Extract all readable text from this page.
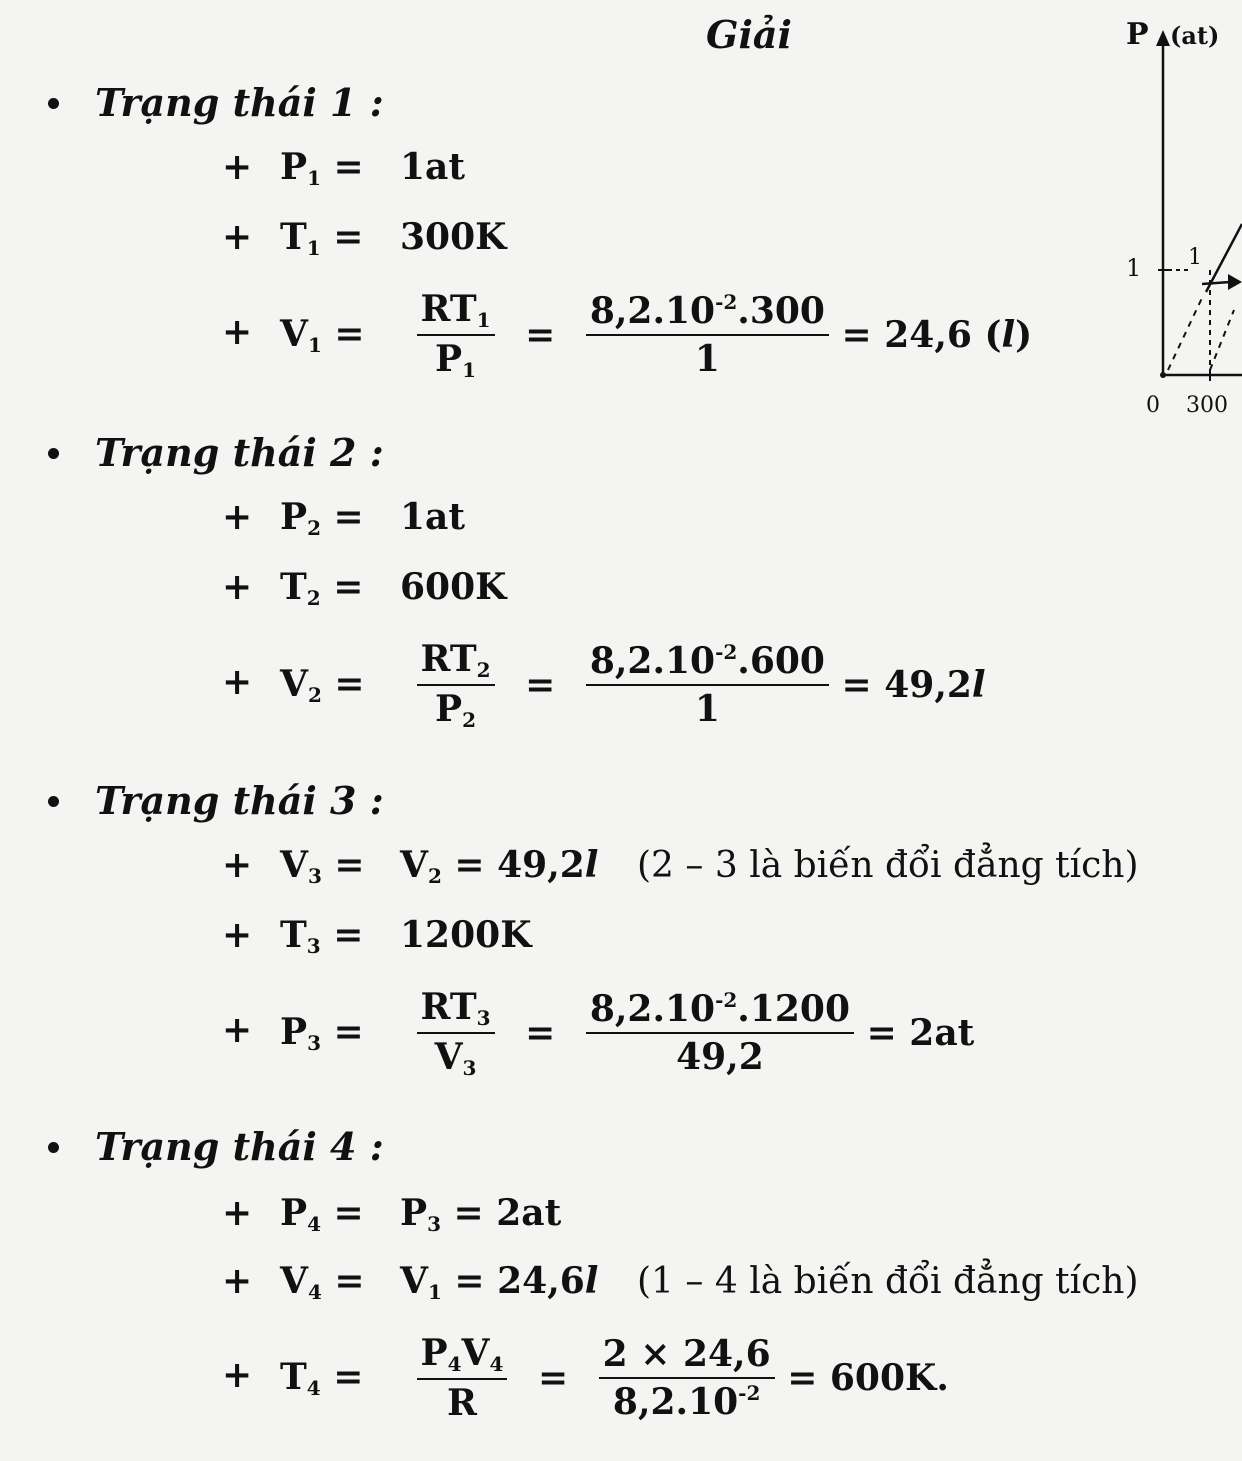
Giải
Trạng thái 1 :
+ $P_1 = 1at$
+ $T_1 = 300K$
+ $V_1 = \frac{RT_1}{P_1} = \frac{8,2.10^{-2}.300}{1} = 24,6$ (l)
Trạng thái 2 :
+ $P_2 = 1at$
+ $T_2 = 600K$
+ $V_2 = \frac{RT_2}{P_2} = \frac{8,2.10^{-2}.600}{1} = 49,2l$
Trạng thái 3 :
+ $V_3 = V_2 = 49,2l$ (2 – 3 là biến đổi đẳng tích)
+ $T_3 = 1200K$
+ $P_3 = \frac{RT_3}{V_3} = \frac{8,2.10^{-2}.1200}{49,2} = 2at$
Trạng thái 4 :
+ $P_4 = P_3 = 2at$
+ $V_4 = V_1 = 24,6l$ (1 – 4 là biến đổi đẳng tích)
+ $T_4 = \frac{P_4V_4}{R} = \frac{2 \times 24,6}{8,2.10^{-2}} = 600K$.
P (at)
1 1
0 300
